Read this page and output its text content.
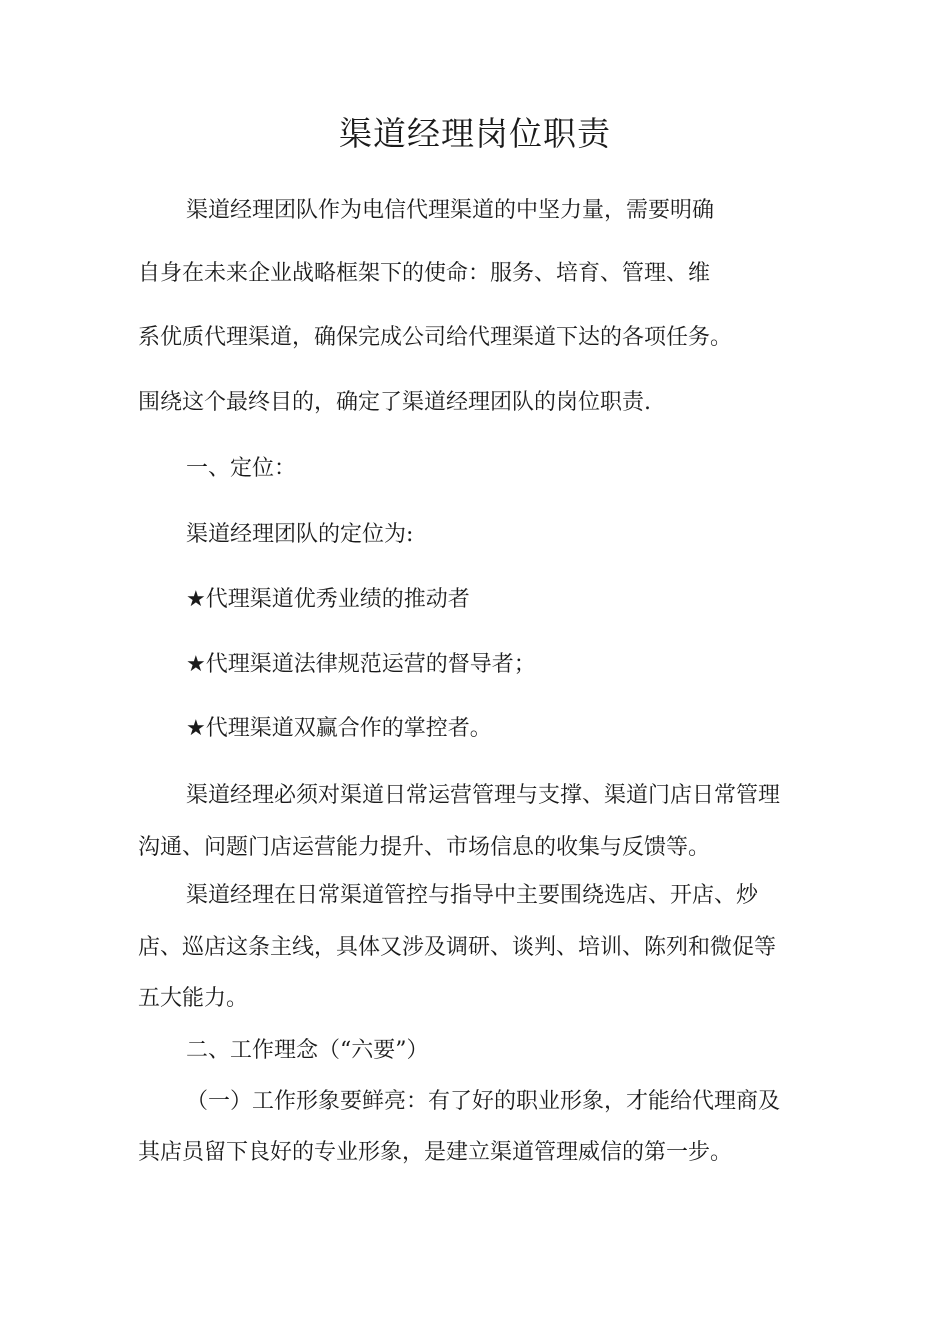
渠道经理岗位职责
渠道经理团队作为电信代理渠道的中坚力量，需要明确
自身在未来企业战略框架下的使命：服务、培育、管理、维
系优质代理渠道，确保完成公司给代理渠道下达的各项任务。
围绕这个最终目的，确定了渠道经理团队的岗位职责.
一、定位：
渠道经理团队的定位为:
★代理渠道优秀业绩的推动者
★代理渠道法律规范运营的督导者；
★代理渠道双赢合作的掌控者。
渠道经理必须对渠道日常运营管理与支撑、渠道门店日常管理
沟通、问题门店运营能力提升、市场信息的收集与反馈等。
渠道经理在日常渠道管控与指导中主要围绕选店、开店、炒
店、巡店这条主线，具体又涉及调研、谈判、培训、陈列和微促等
五大能力。
二、工作理念（“六要”）
（一）工作形象要鲜亮：有了好的职业形象，才能给代理商及
其店员留下良好的专业形象，是建立渠道管理威信的第一步。
